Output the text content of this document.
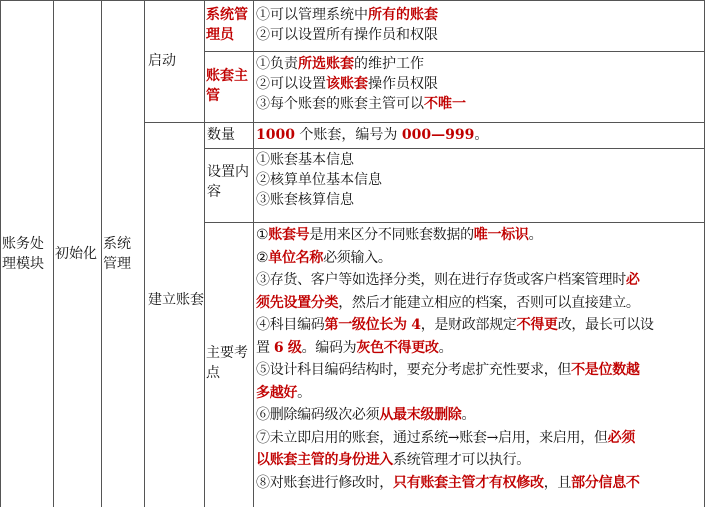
账务处理模块
初始化
系统管理
启动
系统管理员
①可以管理系统中所有的账套
②可以设置所有操作员和权限
账套主管
①负责所选账套的维护工作
②可以设置该账套操作员权限
③每个账套的账套主管可以不唯一
建立账套
数量	1000 个账套，编号为 000—999。
设置内容
①账套基本信息
②核算单位基本信息
③账套核算信息
主要考点
①账套号是用来区分不同账套数据的唯一标识。
②单位名称必须输入。
③存货、客户等如选择分类，则在进行存货或客户档案管理时必
须先设置分类，然后才能建立相应的档案，否则可以直接建立。
④科目编码第一级位长为 4，是财政部规定不得更改，最长可以设
置 6 级。编码为灰色不得更改。
⑤设计科目编码结构时，要充分考虑扩充性要求，但不是位数越
多越好。
⑥删除编码级次必须从最末级删除。
⑦未立即启用的账套，通过系统→账套→启用，来启用，但必须
以账套主管的身份进入系统管理才可以执行。
⑧对账套进行修改时，只有账套主管才有权修改，且部分信息不
